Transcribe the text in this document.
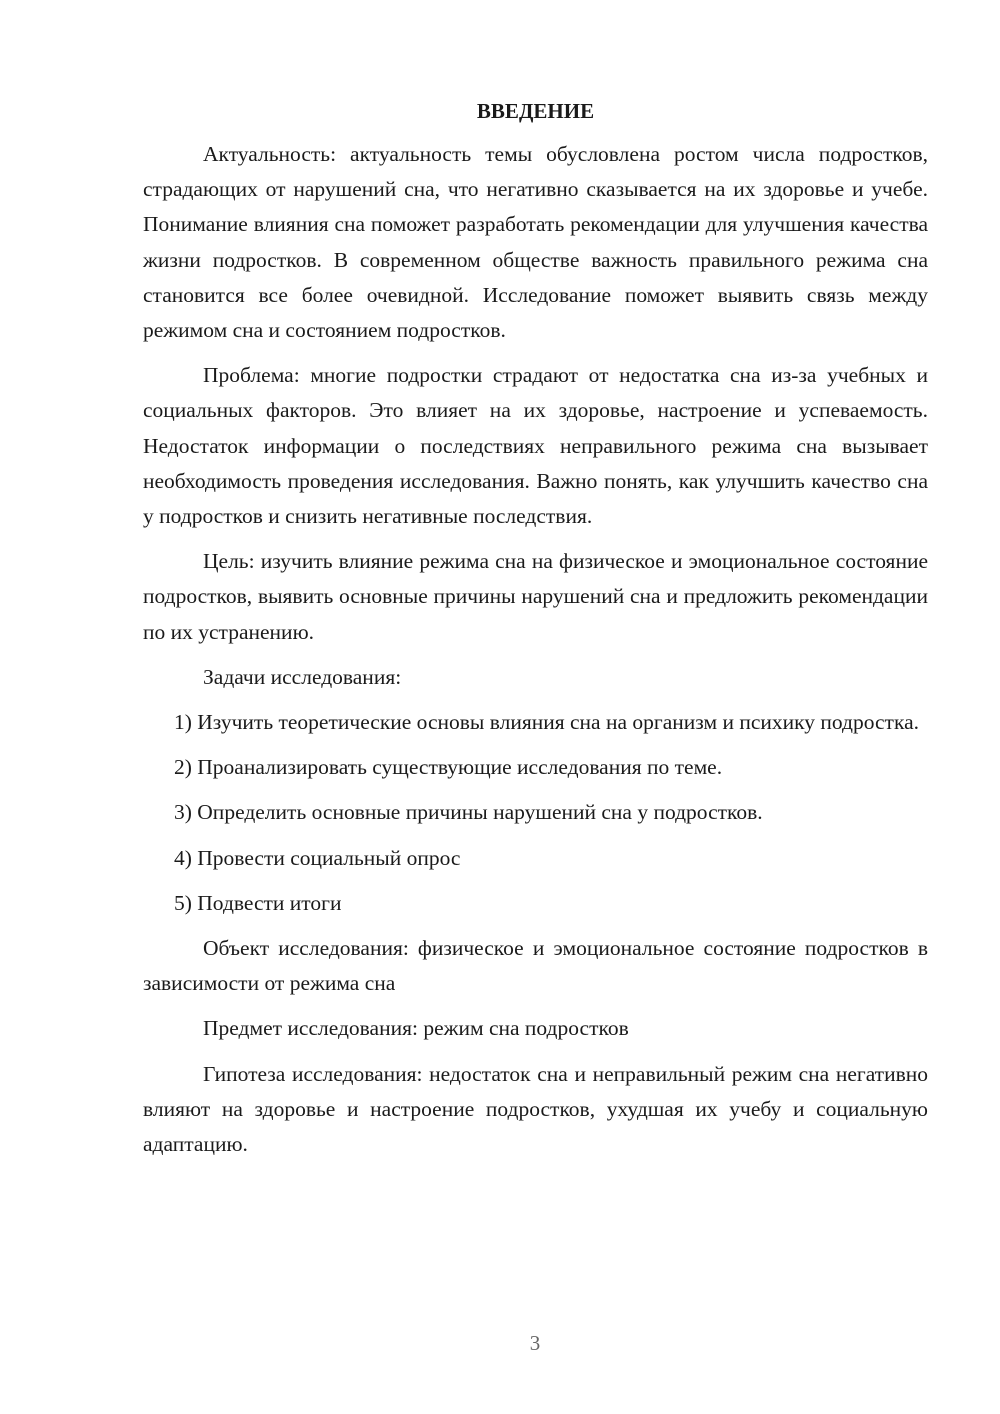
ВВЕДЕНИЕ

Актуальность: актуальность темы обусловлена ростом числа подростков, страдающих от нарушений сна, что негативно сказывается на их здоровье и учебе. Понимание влияния сна поможет разработать рекомендации для улучшения качества жизни подростков. В современном обществе важность правильного режима сна становится все более очевидной. Исследование поможет выявить связь между режимом сна и состоянием подростков.

Проблема: многие подростки страдают от недостатка сна из-за учебных и социальных факторов. Это влияет на их здоровье, настроение и успеваемость. Недостаток информации о последствиях неправильного режима сна вызывает необходимость проведения исследования. Важно понять, как улучшить качество сна у подростков и снизить негативные последствия.

Цель: изучить влияние режима сна на физическое и эмоциональное состояние подростков, выявить основные причины нарушений сна и предложить рекомендации по их устранению.

Задачи исследования:

1) Изучить теоретические основы влияния сна на организм и психику подростка.

2) Проанализировать существующие исследования по теме.

3) Определить основные причины нарушений сна у подростков.

4) Провести социальный опрос

5) Подвести итоги

Объект исследования: физическое и эмоциональное состояние подростков в зависимости от режима сна

Предмет исследования: режим сна подростков

Гипотеза исследования: недостаток сна и неправильный режим сна негативно влияют на здоровье и настроение подростков, ухудшая их учебу и социальную адаптацию.

3
